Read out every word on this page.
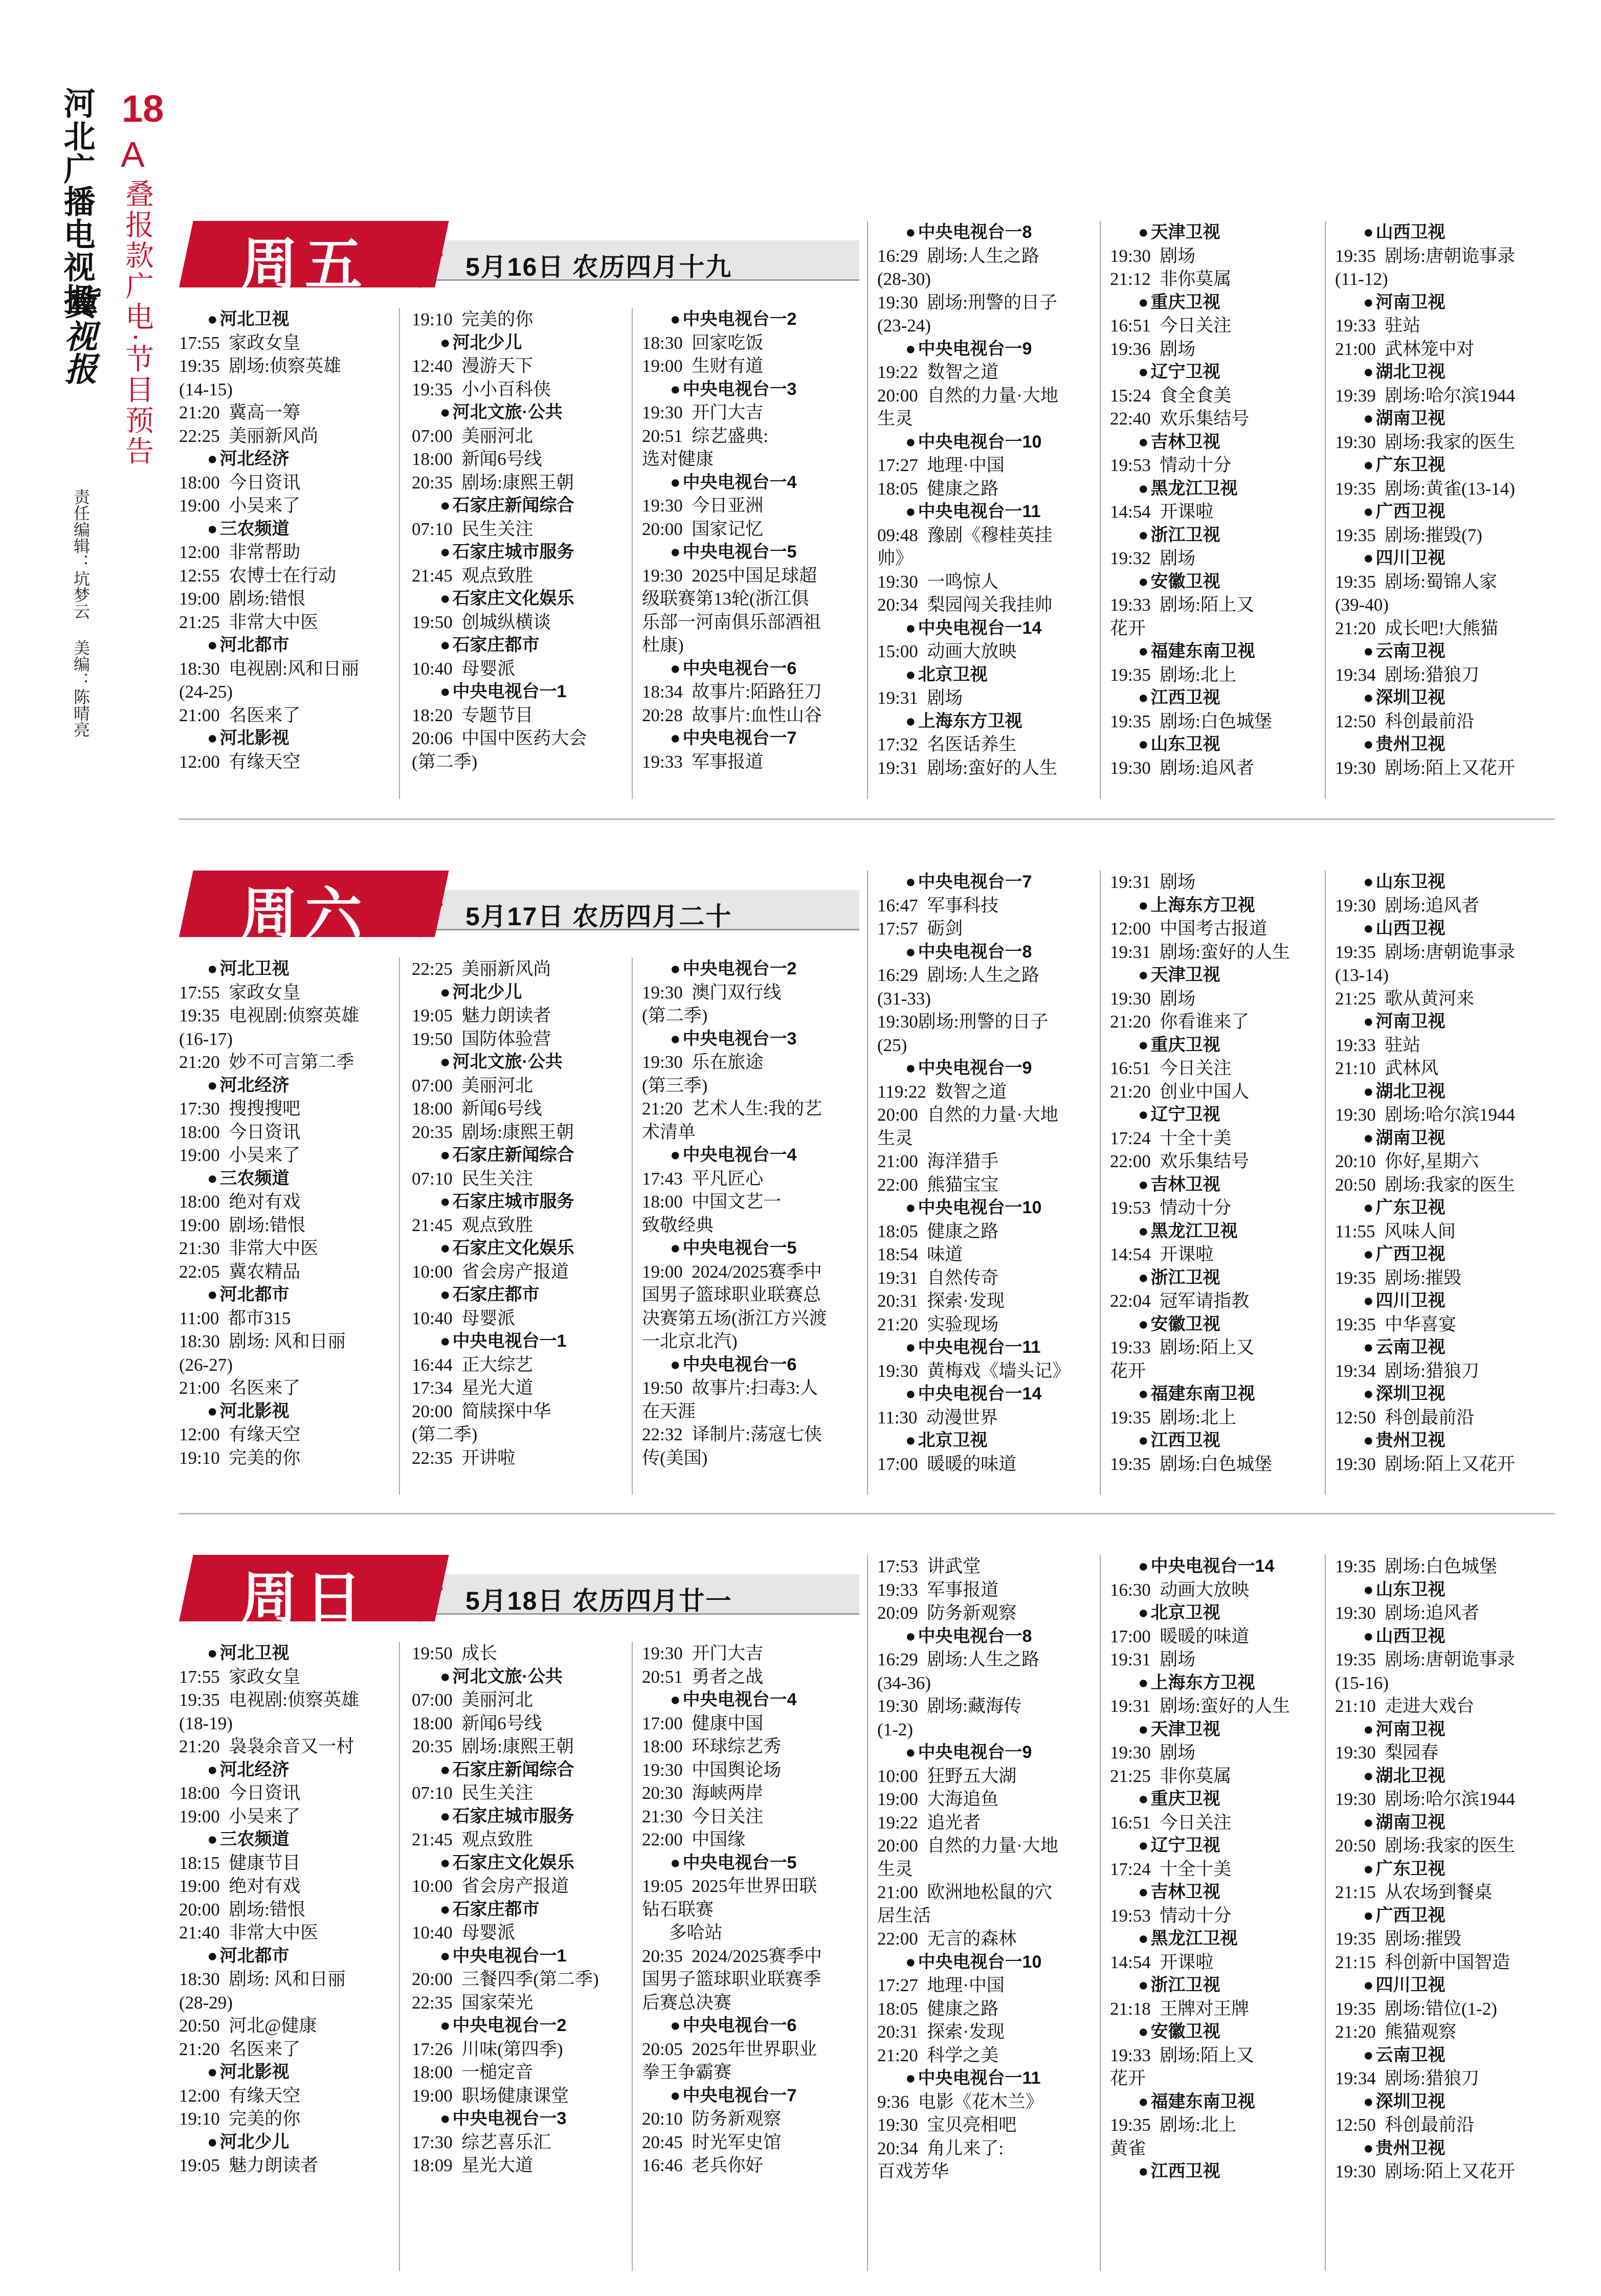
河北广播电视报
冀视报
18
A
叠报款广电·节目预告
责任编辑：坑梦云 美编：陈晴亮
周五	5月16日 农历四月十九
● 河北卫视
17:55  家政女皇
19:35  剧场:侦察英雄
(14-15)
21:20  冀高一筹
22:25  美丽新风尚
● 河北经济
18:00  今日资讯
19:00  小吴来了
● 三农频道
12:00  非常帮助
12:55  农博士在行动
19:00  剧场:错恨
21:25  非常大中医
● 河北都市
18:30  电视剧:风和日丽
(24-25)
21:00  名医来了
● 河北影视
12:00  有缘天空
19:10  完美的你
● 河北少儿
12:40  漫游天下
19:35  小小百科侠
● 河北文旅·公共
07:00  美丽河北
18:00  新闻6号线
20:35  剧场:康熙王朝
● 石家庄新闻综合
07:10  民生关注
● 石家庄城市服务
21:45  观点致胜
● 石家庄文化娱乐
19:50  创城纵横谈
● 石家庄都市
10:40  母婴派
● 中央电视台一1
18:20  专题节目
20:06  中国中医药大会
(第二季)
● 中央电视台一2
18:30  回家吃饭
19:00  生财有道
● 中央电视台一3
19:30  开门大吉
20:51  综艺盛典:
选对健康
● 中央电视台一4
19:30  今日亚洲
20:00  国家记忆
● 中央电视台一5
19:30  2025中国足球超
级联赛第13轮(浙江俱
乐部一河南俱乐部酒祖
杜康)
● 中央电视台一6
18:34  故事片:陌路狂刀
20:28  故事片:血性山谷
● 中央电视台一7
19:33  军事报道
● 中央电视台一8
16:29  剧场:人生之路
(28-30)
19:30  剧场:刑警的日子
(23-24)
● 中央电视台一9
19:22  数智之道
20:00  自然的力量·大地
生灵
● 中央电视台一10
17:27  地理·中国
18:05  健康之路
● 中央电视台一11
09:48  豫剧《穆桂英挂
帅》
19:30  一鸣惊人
20:34  梨园闯关我挂帅
● 中央电视台一14
15:00  动画大放映
● 北京卫视
19:31  剧场
● 上海东方卫视
17:32  名医话养生
19:31  剧场:蛮好的人生
● 天津卫视
19:30  剧场
21:12  非你莫属
● 重庆卫视
16:51  今日关注
19:36  剧场
● 辽宁卫视
15:24  食全食美
22:40  欢乐集结号
● 吉林卫视
19:53  情动十分
● 黑龙江卫视
14:54  开课啦
● 浙江卫视
19:32  剧场
● 安徽卫视
19:33  剧场:陌上又
花开
● 福建东南卫视
19:35  剧场:北上
● 江西卫视
19:35  剧场:白色城堡
● 山东卫视
19:30  剧场:追风者
● 山西卫视
19:35  剧场:唐朝诡事录
(11-12)
● 河南卫视
19:33  驻站
21:00  武林笼中对
● 湖北卫视
19:39  剧场:哈尔滨1944
● 湖南卫视
19:30  剧场:我家的医生
● 广东卫视
19:35  剧场:黄雀(13-14)
● 广西卫视
19:35  剧场:摧毁(7)
● 四川卫视
19:35  剧场:蜀锦人家
(39-40)
21:20  成长吧!大熊猫
● 云南卫视
19:34  剧场:猎狼刀
● 深圳卫视
12:50  科创最前沿
● 贵州卫视
19:30  剧场:陌上又花开
周六	5月17日 农历四月二十
● 河北卫视
17:55  家政女皇
19:35  电视剧:侦察英雄
(16-17)
21:20  妙不可言第二季
● 河北经济
17:30  搜搜搜吧
18:00  今日资讯
19:00  小吴来了
● 三农频道
18:00  绝对有戏
19:00  剧场:错恨
21:30  非常大中医
22:05  冀农精品
● 河北都市
11:00  都市315
18:30  剧场: 风和日丽
(26-27)
21:00  名医来了
● 河北影视
12:00  有缘天空
19:10  完美的你
22:25  美丽新风尚
● 河北少儿
19:05  魅力朗读者
19:50  国防体验营
● 河北文旅·公共
07:00  美丽河北
18:00  新闻6号线
20:35  剧场:康熙王朝
● 石家庄新闻综合
07:10  民生关注
● 石家庄城市服务
21:45  观点致胜
● 石家庄文化娱乐
10:00  省会房产报道
● 石家庄都市
10:40  母婴派
● 中央电视台一1
16:44  正大综艺
17:34  星光大道
20:00  简牍探中华
(第二季)
22:35  开讲啦
● 中央电视台一2
19:30  澳门双行线
(第二季)
● 中央电视台一3
19:30  乐在旅途
(第三季)
21:20  艺术人生:我的艺
术清单
● 中央电视台一4
17:43  平凡匠心
18:00  中国文艺一
致敬经典
● 中央电视台一5
19:00  2024/2025赛季中
国男子篮球职业联赛总
决赛第五场(浙江方兴渡
一北京北汽)
● 中央电视台一6
19:50  故事片:扫毒3:人
在天涯
22:32  译制片:荡寇七侠
传(美国)
● 中央电视台一7
16:47  军事科技
17:57  砺剑
● 中央电视台一8
16:29  剧场:人生之路
(31-33)
19:30剧场:刑警的日子
(25)
● 中央电视台一9
119:22  数智之道
20:00  自然的力量·大地
生灵
21:00  海洋猎手
22:00  熊猫宝宝
● 中央电视台一10
18:05  健康之路
18:54  味道
19:31  自然传奇
20:31  探索·发现
21:20  实验现场
● 中央电视台一11
19:30  黄梅戏《墙头记》
● 中央电视台一14
11:30  动漫世界
● 北京卫视
17:00  暖暖的味道
19:31  剧场
● 上海东方卫视
12:00  中国考古报道
19:31  剧场:蛮好的人生
● 天津卫视
19:30  剧场
21:20  你看谁来了
● 重庆卫视
16:51  今日关注
21:20  创业中国人
● 辽宁卫视
17:24  十全十美
22:00  欢乐集结号
● 吉林卫视
19:53  情动十分
● 黑龙江卫视
14:54  开课啦
● 浙江卫视
22:04  冠军请指教
● 安徽卫视
19:33  剧场:陌上又
花开
● 福建东南卫视
19:35  剧场:北上
● 江西卫视
19:35  剧场:白色城堡
● 山东卫视
19:30  剧场:追风者
● 山西卫视
19:35  剧场:唐朝诡事录
(13-14)
21:25  歌从黄河来
● 河南卫视
19:33  驻站
21:10  武林风
● 湖北卫视
19:30  剧场:哈尔滨1944
● 湖南卫视
20:10  你好,星期六
20:50  剧场:我家的医生
● 广东卫视
11:55  风味人间
● 广西卫视
19:35  剧场:摧毁
● 四川卫视
19:35  中华喜宴
● 云南卫视
19:34  剧场:猎狼刀
● 深圳卫视
12:50  科创最前沿
● 贵州卫视
19:30  剧场:陌上又花开
周日	5月18日 农历四月廿一
● 河北卫视
17:55  家政女皇
19:35  电视剧:侦察英雄
(18-19)
21:20  袅袅余音又一村
● 河北经济
18:00  今日资讯
19:00  小吴来了
● 三农频道
18:15  健康节目
19:00  绝对有戏
20:00  剧场:错恨
21:40  非常大中医
● 河北都市
18:30  剧场: 风和日丽
(28-29)
20:50  河北@健康
21:20  名医来了
● 河北影视
12:00  有缘天空
19:10  完美的你
● 河北少儿
19:05  魅力朗读者
19:50  成长
● 河北文旅·公共
07:00  美丽河北
18:00  新闻6号线
20:35  剧场:康熙王朝
● 石家庄新闻综合
07:10  民生关注
● 石家庄城市服务
21:45  观点致胜
● 石家庄文化娱乐
10:00  省会房产报道
● 石家庄都市
10:40  母婴派
● 中央电视台一1
20:00  三餐四季(第二季)
22:35  国家荣光
● 中央电视台一2
17:26  川味(第四季)
18:00  一槌定音
19:00  职场健康课堂
● 中央电视台一3
17:30  综艺喜乐汇
18:09  星光大道
19:30  开门大吉
20:51  勇者之战
● 中央电视台一4
17:00  健康中国
18:00  环球综艺秀
19:30  中国舆论场
20:30  海峡两岸
21:30  今日关注
22:00  中国缘
● 中央电视台一5
19:05  2025年世界田联
钻石联赛
多哈站
20:35  2024/2025赛季中
国男子篮球职业联赛季
后赛总决赛
● 中央电视台一6
20:05  2025年世界职业
拳王争霸赛
● 中央电视台一7
20:10  防务新观察
20:45  时光军史馆
16:46  老兵你好
17:53  讲武堂
19:33  军事报道
20:09  防务新观察
● 中央电视台一8
16:29  剧场:人生之路
(34-36)
19:30  剧场:藏海传
(1-2)
● 中央电视台一9
10:00  狂野五大湖
19:00  大海追鱼
19:22  追光者
20:00  自然的力量·大地
生灵
21:00  欧洲地松鼠的穴
居生活
22:00  无言的森林
● 中央电视台一10
17:27  地理·中国
18:05  健康之路
20:31  探索·发现
21:20  科学之美
● 中央电视台一11
9:36  电影《花木兰》
19:30  宝贝亮相吧
20:34  角儿来了:
百戏芳华
● 中央电视台一14
16:30  动画大放映
● 北京卫视
17:00  暖暖的味道
19:31  剧场
● 上海东方卫视
19:31  剧场:蛮好的人生
● 天津卫视
19:30  剧场
21:25  非你莫属
● 重庆卫视
16:51  今日关注
● 辽宁卫视
17:24  十全十美
● 吉林卫视
19:53  情动十分
● 黑龙江卫视
14:54  开课啦
● 浙江卫视
21:18  王牌对王牌
● 安徽卫视
19:33  剧场:陌上又
花开
● 福建东南卫视
19:35  剧场:北上
黄雀
● 江西卫视
19:35  剧场:白色城堡
● 山东卫视
19:30  剧场:追风者
● 山西卫视
19:35  剧场:唐朝诡事录
(15-16)
21:10  走进大戏台
● 河南卫视
19:30  梨园春
● 湖北卫视
19:30  剧场:哈尔滨1944
● 湖南卫视
20:50  剧场:我家的医生
● 广东卫视
21:15  从农场到餐桌
● 广西卫视
19:35  剧场:摧毁
21:15  科创新中国智造
● 四川卫视
19:35  剧场:错位(1-2)
21:20  熊猫观察
● 云南卫视
19:34  剧场:猎狼刀
● 深圳卫视
12:50  科创最前沿
● 贵州卫视
19:30  剧场:陌上又花开
